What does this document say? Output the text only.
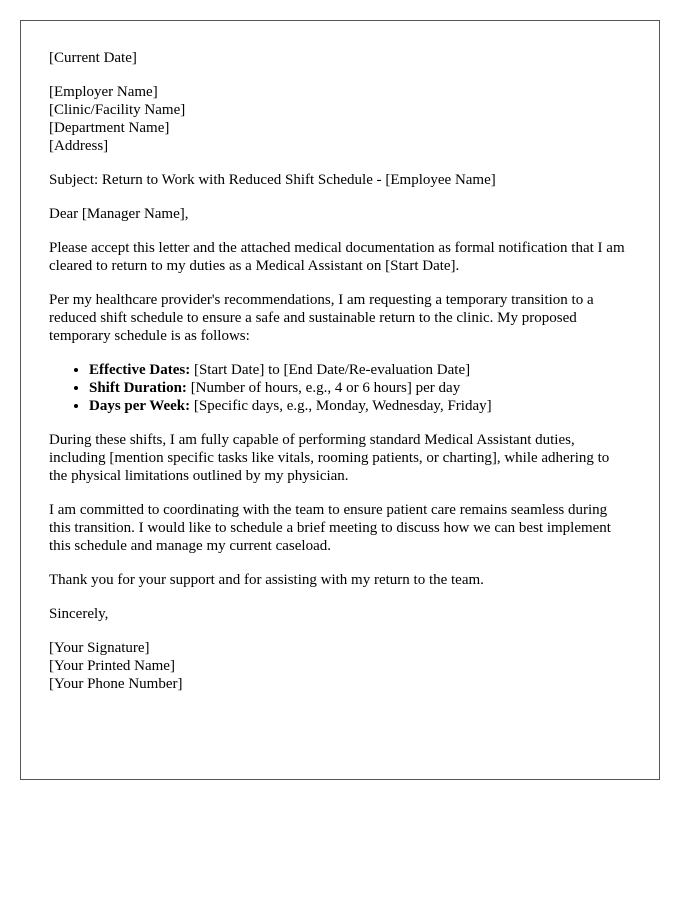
[Current Date]
[Employer Name]
[Clinic/Facility Name]
[Department Name]
[Address]

Subject: Return to Work with Reduced Shift Schedule - [Employee Name]

Dear [Manager Name],

Please accept this letter and the attached medical documentation as formal notification that I am cleared to return to my duties as a Medical Assistant on [Start Date].

Per my healthcare provider's recommendations, I am requesting a temporary transition to a reduced shift schedule to ensure a safe and sustainable return to the clinic. My proposed temporary schedule is as follows:

• Effective Dates: [Start Date] to [End Date/Re-evaluation Date]
• Shift Duration: [Number of hours, e.g., 4 or 6 hours] per day
• Days per Week: [Specific days, e.g., Monday, Wednesday, Friday]

During these shifts, I am fully capable of performing standard Medical Assistant duties, including [mention specific tasks like vitals, rooming patients, or charting], while adhering to the physical limitations outlined by my physician.

I am committed to coordinating with the team to ensure patient care remains seamless during this transition. I would like to schedule a brief meeting to discuss how we can best implement this schedule and manage my current caseload.

Thank you for your support and for assisting with my return to the team.

Sincerely,

[Your Signature]
[Your Printed Name]
[Your Phone Number]
